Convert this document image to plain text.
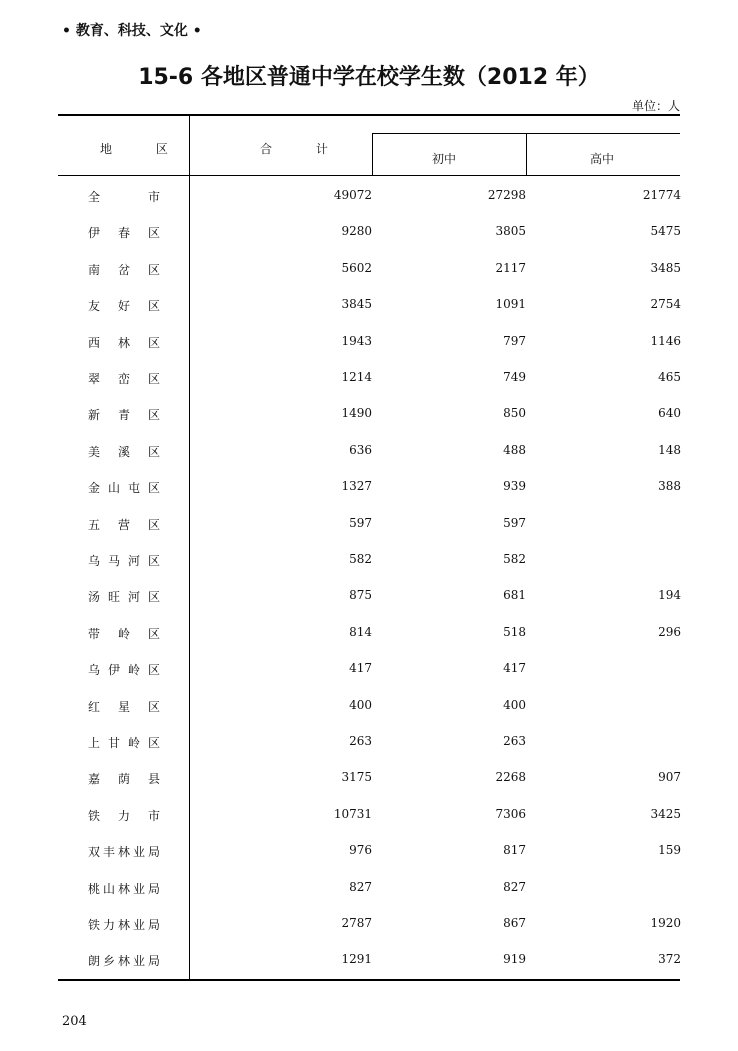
• 教育、科技、文化 •
15-6 各地区普通中学在校学生数（2012 年）
单位：人
地 区	合 计
初中	高中
全 市	49072	27298	21774
伊 春 区	9280	3805	5475
南 岔 区	5602	2117	3485
友 好 区	3845	1091	2754
西 林 区	1943	797	1146
翠 峦 区	1214	749	465
新 青 区	1490	850	640
美 溪 区	636	488	148
金山屯区	1327	939	388
五 营 区	597	597
乌马河区	582	582
汤旺河区	875	681	194
带 岭 区	814	518	296
乌伊岭区	417	417
红 星 区	400	400
上甘岭区	263	263
嘉 荫 县	3175	2268	907
铁 力 市	10731	7306	3425
双丰林业局	976	817	159
桃山林业局	827	827
铁力林业局	2787	867	1920
朗乡林业局	1291	919	372
204
